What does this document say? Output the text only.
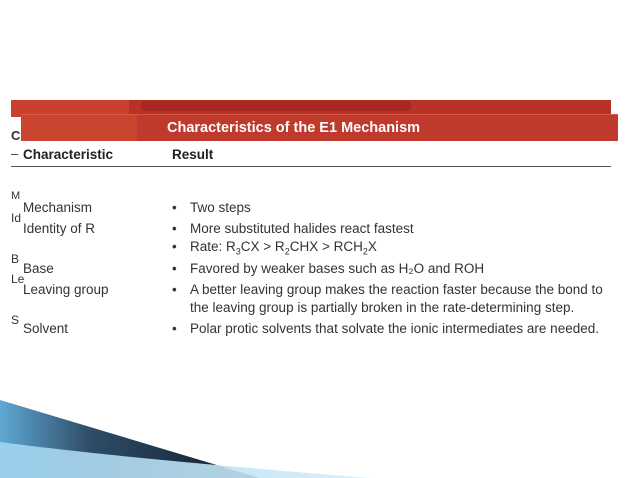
Characteristics of the E1 Mechanism
C
–
M
Id
B
Le
S
Characteristic	Result
Mechanism	• Two steps
Identity of R	• More substituted halides react fastest
• Rate: $R_3CX > R_2CHX > RCH_2X$
Base	• Favored by weaker bases such as H₂O and ROH
Leaving group	• A better leaving group makes the reaction faster because the bond to
the leaving group is partially broken in the rate-determining step.
Solvent	• Polar protic solvents that solvate the ionic intermediates are needed.
